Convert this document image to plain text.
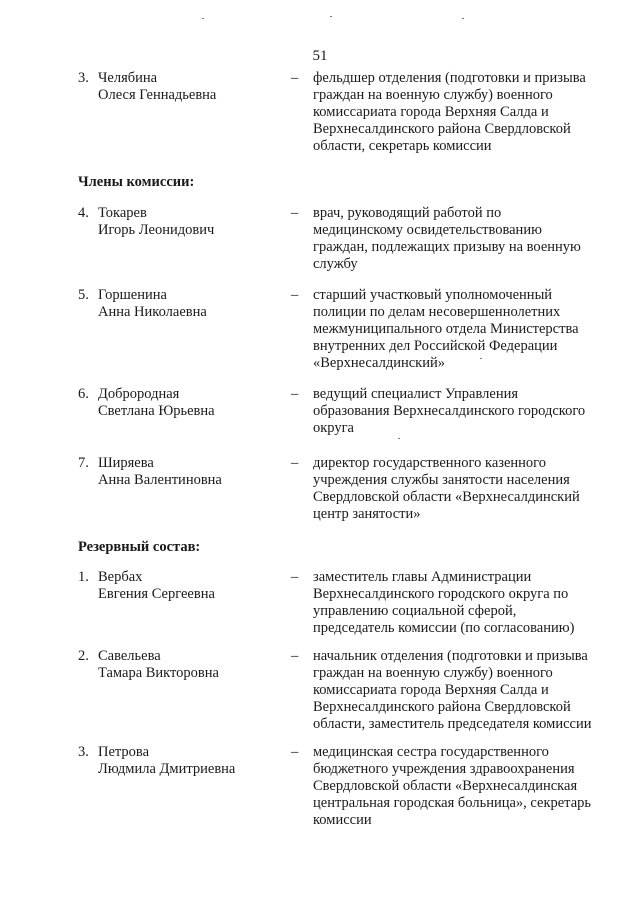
51
3. Челябина
Олеся Геннадьевна
– фельдшер отделения (подготовки и призыва
граждан на военную службу) военного
комиссариата города Верхняя Салда и
Верхнесалдинского района Свердловской
области, секретарь комиссии
Члены комиссии:
4. Токарев
Игорь Леонидович
– врач, руководящий работой по
медицинскому освидетельствованию
граждан, подлежащих призыву на военную
службу
5. Горшенина
Анна Николаевна
– старший участковый уполномоченный
полиции по делам несовершеннолетних
межмуниципального отдела Министерства
внутренних дел Российской Федерации
«Верхнесалдинский»
6. Доброродная
Светлана Юрьевна
– ведущий специалист Управления
образования Верхнесалдинского городского
округа
7. Ширяева
Анна Валентиновна
– директор государственного казенного
учреждения службы занятости населения
Свердловской области «Верхнесалдинский
центр занятости»
Резервный состав:
1. Вербах
Евгения Сергеевна
– заместитель главы Администрации
Верхнесалдинского городского округа по
управлению социальной сферой,
председатель комиссии (по согласованию)
2. Савельева
Тамара Викторовна
– начальник отделения (подготовки и призыва
граждан на военную службу) военного
комиссариата города Верхняя Салда и
Верхнесалдинского района Свердловской
области, заместитель председателя комиссии
3. Петрова
Людмила Дмитриевна
– медицинская сестра государственного
бюджетного учреждения здравоохранения
Свердловской области «Верхнесалдинская
центральная городская больница», секретарь
комиссии
